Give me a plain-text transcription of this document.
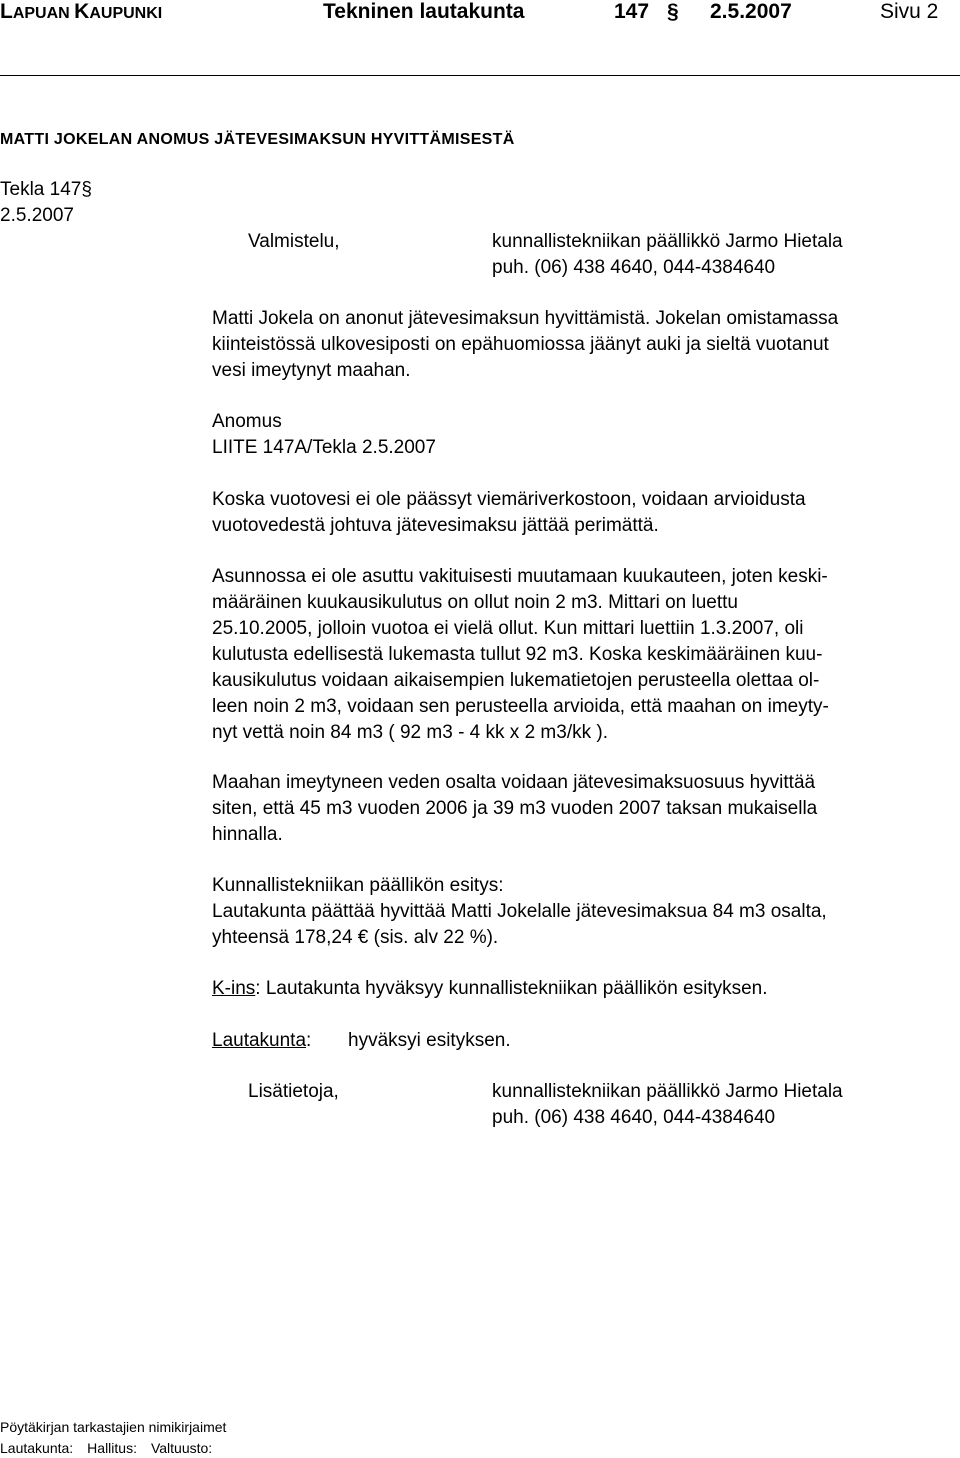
LAPUAN KAUPUNKI	Tekninen lautakunta	147 § 2.5.2007	Sivu 2
MATTI JOKELAN ANOMUS JÄTEVESIMAKSUN HYVITTÄMISESTÄ
Tekla 147§
2.5.2007
Valmistelu,	kunnallistekniikan päällikkö Jarmo Hietala
puh. (06) 438 4640, 044-4384640
Matti Jokela on anonut jätevesimaksun hyvittämistä. Jokelan omistamassa
kiinteistössä ulkovesiposti on epähuomiossa jäänyt auki ja sieltä vuotanut
vesi imeytynyt maahan.
Anomus
LIITE 147A/Tekla 2.5.2007
Koska vuotovesi ei ole päässyt viemäriverkostoon, voidaan arvioidusta
vuotovedestä johtuva jätevesimaksu jättää perimättä.
Asunnossa ei ole asuttu vakituisesti muutamaan kuukauteen, joten keski-
määräinen kuukausikulutus on ollut noin 2 m3. Mittari on luettu
25.10.2005, jolloin vuotoa ei vielä ollut. Kun mittari luettiin 1.3.2007, oli
kulutusta edellisestä lukemasta tullut 92 m3. Koska keskimääräinen kuu-
kausikulutus voidaan aikaisempien lukematietojen perusteella olettaa ol-
leen noin 2 m3, voidaan sen perusteella arvioida, että maahan on imeyty-
nyt vettä noin 84 m3 ( 92 m3 - 4 kk x 2 m3/kk ).
Maahan imeytyneen veden osalta voidaan jätevesimaksuosuus hyvittää
siten, että 45 m3 vuoden 2006 ja 39 m3 vuoden 2007 taksan mukaisella
hinnalla.
Kunnallistekniikan päällikön esitys:
Lautakunta päättää hyvittää Matti Jokelalle jätevesimaksua 84 m3 osalta,
yhteensä 178,24 € (sis. alv 22 %).
K-ins: Lautakunta hyväksyy kunnallistekniikan päällikön esityksen.
Lautakunta: hyväksyi esityksen.
Lisätietoja,	kunnallistekniikan päällikkö Jarmo Hietala
puh. (06) 438 4640, 044-4384640
Pöytäkirjan tarkastajien nimikirjaimet
Lautakunta: Hallitus: Valtuusto:
